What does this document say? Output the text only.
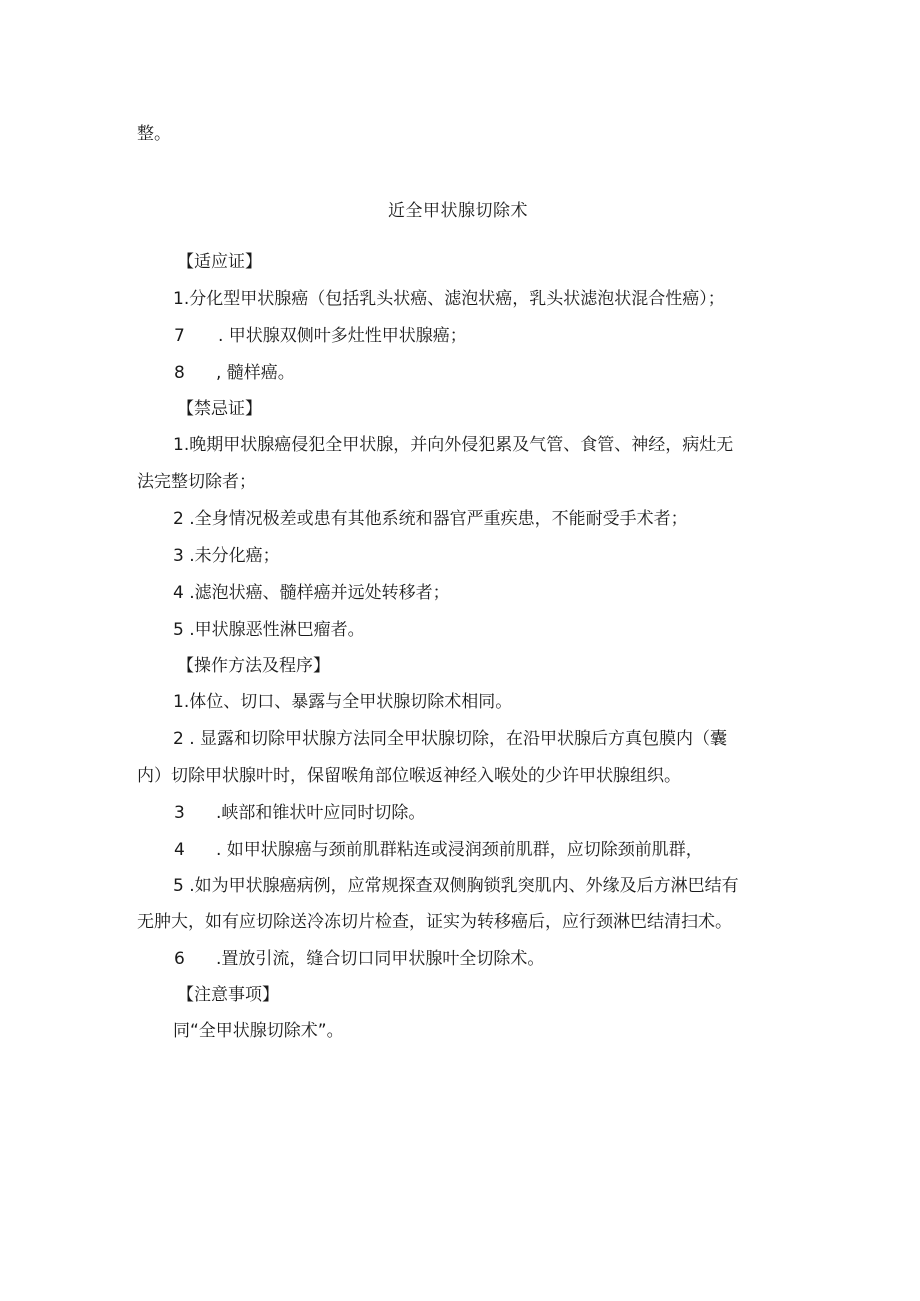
整。

近全甲状腺切除术

【适应证】

1.分化型甲状腺癌（包括乳头状癌、滤泡状癌，乳头状滤泡状混合性癌）；

7 . 甲状腺双侧叶多灶性甲状腺癌；

8 , 髓样癌。

【禁忌证】

1.晚期甲状腺癌侵犯全甲状腺，并向外侵犯累及气管、食管、神经，病灶无

法完整切除者；

2 .全身情况极差或患有其他系统和器官严重疾患，不能耐受手术者；

3 .未分化癌；

4 .滤泡状癌、髓样癌并远处转移者；

5 .甲状腺恶性淋巴瘤者。

【操作方法及程序】

1.体位、切口、暴露与全甲状腺切除术相同。

2 . 显露和切除甲状腺方法同全甲状腺切除，在沿甲状腺后方真包膜内（囊

内）切除甲状腺叶时，保留喉角部位喉返神经入喉处的少许甲状腺组织。

3 .峡部和锥状叶应同时切除。

4 . 如甲状腺癌与颈前肌群粘连或浸润颈前肌群，应切除颈前肌群，

5 .如为甲状腺癌病例，应常规探查双侧胸锁乳突肌内、外缘及后方淋巴结有

无肿大，如有应切除送冷冻切片检查，证实为转移癌后，应行颈淋巴结清扫术。

6 .置放引流，缝合切口同甲状腺叶全切除术。

【注意事项】

同“全甲状腺切除术”。
